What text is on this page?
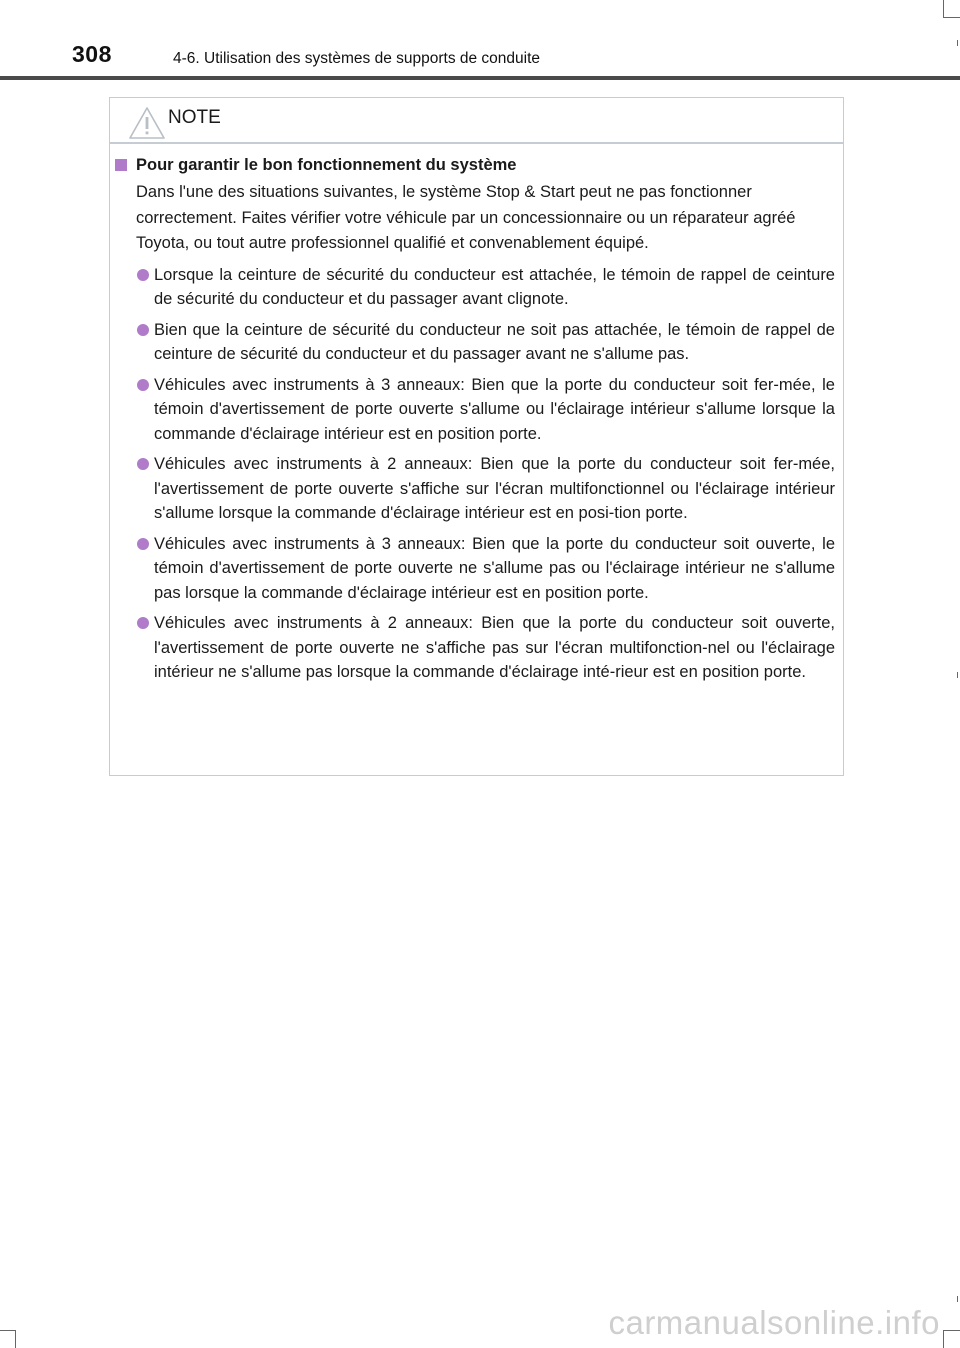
308	4-6. Utilisation des systèmes de supports de conduite
NOTE
Pour garantir le bon fonctionnement du système
Dans l'une des situations suivantes, le système Stop & Start peut ne pas fonctionner correctement. Faites vérifier votre véhicule par un concessionnaire ou un réparateur agréé Toyota, ou tout autre professionnel qualifié et convenablement équipé.
Lorsque la ceinture de sécurité du conducteur est attachée, le témoin de rappel de ceinture de sécurité du conducteur et du passager avant clignote.
Bien que la ceinture de sécurité du conducteur ne soit pas attachée, le témoin de rappel de ceinture de sécurité du conducteur et du passager avant ne s'allume pas.
Véhicules avec instruments à 3 anneaux: Bien que la porte du conducteur soit fer-mée, le témoin d'avertissement de porte ouverte s'allume ou l'éclairage intérieur s'allume lorsque la commande d'éclairage intérieur est en position porte.
Véhicules avec instruments à 2 anneaux: Bien que la porte du conducteur soit fer-mée, l'avertissement de porte ouverte s'affiche sur l'écran multifonctionnel ou l'éclairage intérieur s'allume lorsque la commande d'éclairage intérieur est en posi-tion porte.
Véhicules avec instruments à 3 anneaux: Bien que la porte du conducteur soit ouverte, le témoin d'avertissement de porte ouverte ne s'allume pas ou l'éclairage intérieur ne s'allume pas lorsque la commande d'éclairage intérieur est en position porte.
Véhicules avec instruments à 2 anneaux: Bien que la porte du conducteur soit ouverte, l'avertissement de porte ouverte ne s'affiche pas sur l'écran multifonction-nel ou l'éclairage intérieur ne s'allume pas lorsque la commande d'éclairage inté-rieur est en position porte.
carmanualsonline.info
